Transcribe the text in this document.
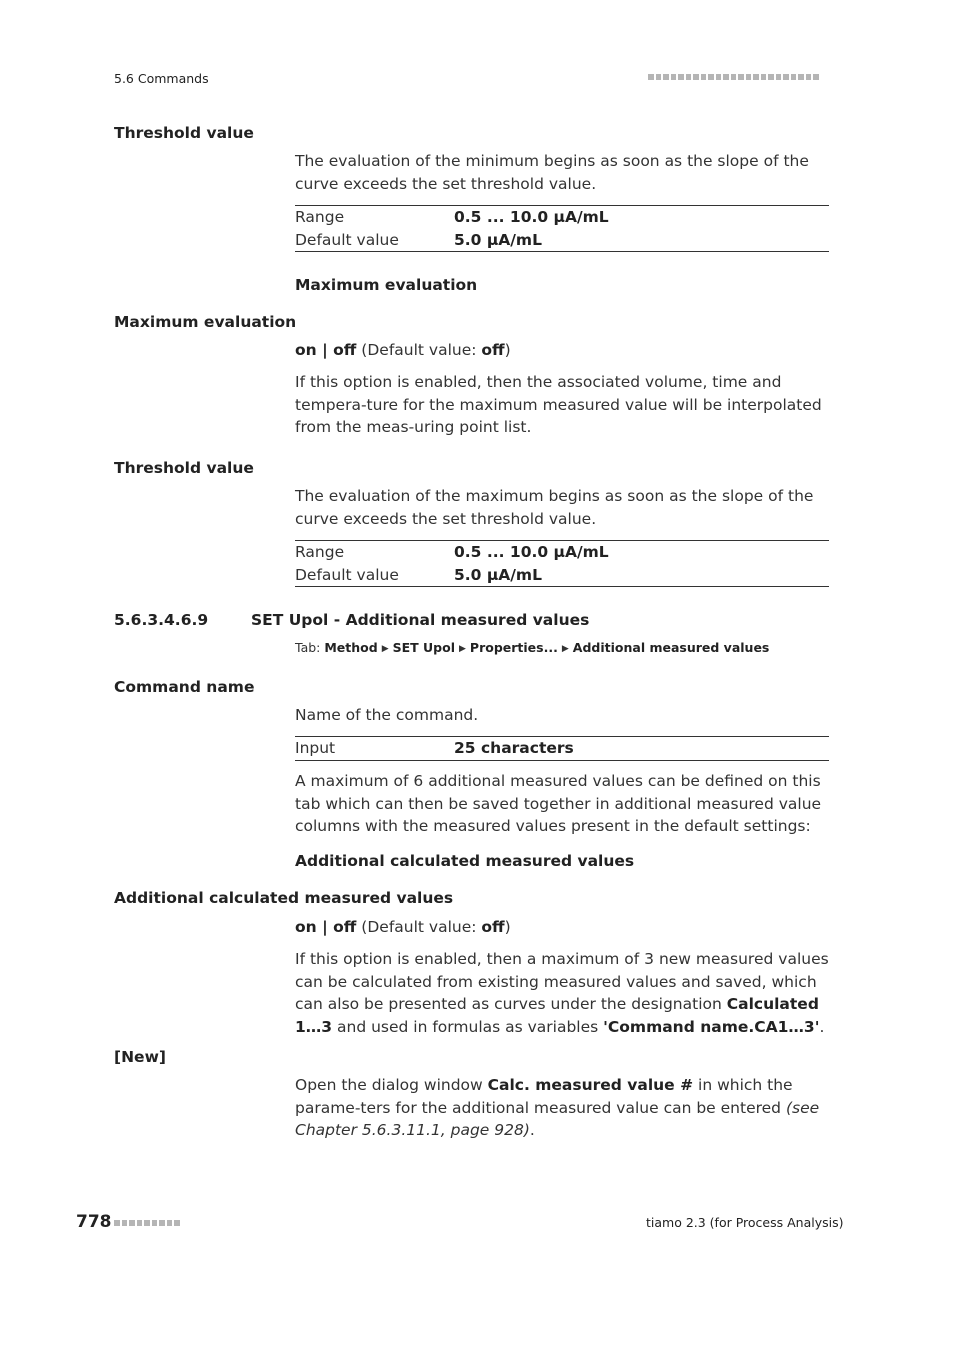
5.6 Commands
Threshold value
The evaluation of the minimum begins as soon as the slope of the curve exceeds the set threshold value.
Range	0.5 ... 10.0 µA/mL
Default value	5.0 µA/mL
Maximum evaluation
Maximum evaluation
on | off (Default value: off)
If this option is enabled, then the associated volume, time and tempera-ture for the maximum measured value will be interpolated from the meas-uring point list.
Threshold value
The evaluation of the maximum begins as soon as the slope of the curve exceeds the set threshold value.
Range	0.5 ... 10.0 µA/mL
Default value	5.0 µA/mL
5.6.3.4.6.9	SET Upol - Additional measured values
Tab: Method ▶ SET Upol ▶ Properties... ▶ Additional measured values
Command name
Name of the command.
Input	25 characters
A maximum of 6 additional measured values can be defined on this tab which can then be saved together in additional measured value columns with the measured values present in the default settings:
Additional calculated measured values
Additional calculated measured values
on | off (Default value: off)
If this option is enabled, then a maximum of 3 new measured values can be calculated from existing measured values and saved, which can also be presented as curves under the designation Calculated 1…3 and used in formulas as variables 'Command name.CA1…3'.
[New]
Open the dialog window Calc. measured value # in which the parame-ters for the additional measured value can be entered (see Chapter 5.6.3.11.1, page 928).
778	tiamo 2.3 (for Process Analysis)
